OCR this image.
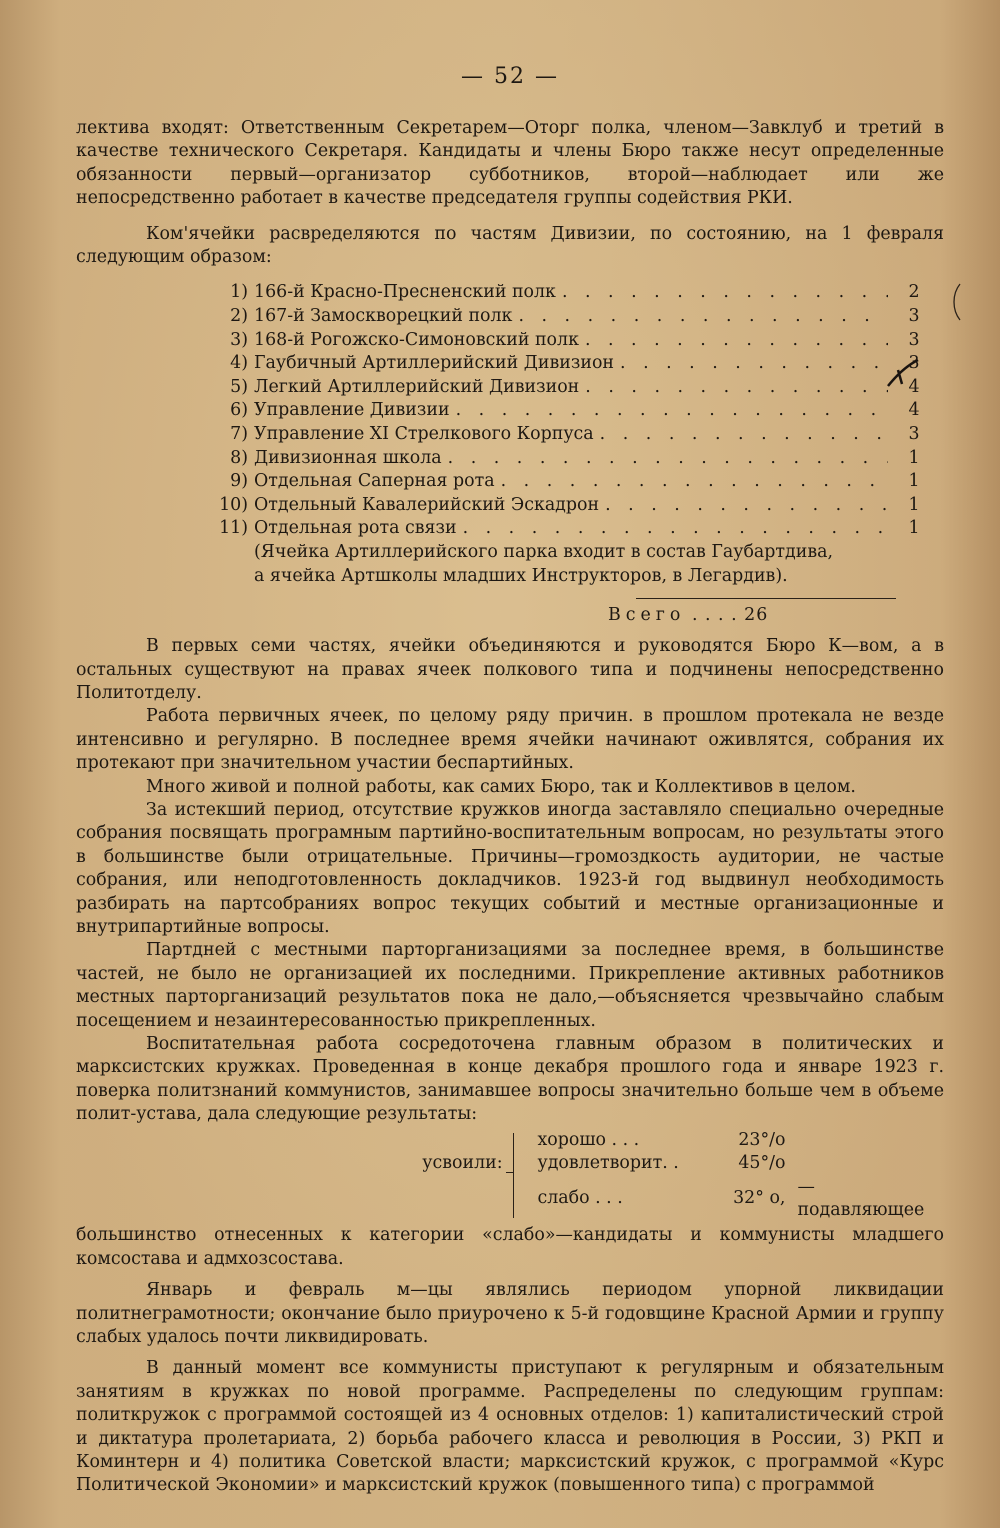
— 52 —

лектива входят: Ответственным Секретарем—Оторг полка, членом—Завклуб и третий в качестве технического Секретаря. Кандидаты и члены Бюро также несут определенные обязанности первый—организатор субботников, второй—наблюдает или же непосредственно работает в качестве председателя группы содействия РКИ.

Ком'ячейки расвределяются по частям Дивизии, по состоянию, на 1 февраля следующим образом:

1) 166-й Красно-Пресненский полк . . .	2
2) 167-й Замоскворецкий полк . . .	3
3) 168-й Рогожско-Симоновский полк . . .	3
4) Гаубичный Артиллерийский Дивизион . . .	3
5) Легкий Артиллерийский Дивизион . . .	4
6) Управление Дивизии . . .	4
7) Управление XI Стрелкового Корпуса . . .	3
8) Дивизионная школа . . .	1
9) Отдельная Саперная рота . . .	1
10) Отдельный Кавалерийский Эскадрон . . .	1
11) Отдельная рота связи . . .	1
(Ячейка Артиллерийского парка входит в состав Гаубартдива,
а ячейка Артшколы младших Инструкторов, в Легардив).
Всего . . . . 26

В первых семи частях, ячейки объединяются и руководятся Бюро К—вом, а в остальных существуют на правах ячеек полкового типа и подчинены непосредственно Политотделу.

Работа первичных ячеек, по целому ряду причин. в прошлом протекала не везде интенсивно и регулярно. В последнее время ячейки начинают оживлятся, собрания их протекают при значительном участии беспартийных.

Много живой и полной работы, как самих Бюро, так и Коллективов в целом.

За истекший период, отсутствие кружков иногда заставляло специально очередные собрания посвящать програмным партийно-воспитательным вопросам, но результаты этого в большинстве были отрицательные. Причины—громоздкость аудитории, не частые собрания, или неподготовленность докладчиков. 1923-й год выдвинул необходимость разбирать на партсобраниях вопрос текущих событий и местные организационные и внутрипартийные вопросы.

Партдней с местными парторганизациями за последнее время, в большинстве частей, не было не организацией их последними. Прикрепление активных работников местных парторганизаций результатов пока не дало,—объясняется чрезвычайно слабым посещением и незаинтересованностью прикрепленных.

Воспитательная работа сосредоточена главным образом в политических и марксистских кружках. Проведенная в конце декабря прошлого года и январе 1923 г. поверка политзнаний коммунистов, занимавшее вопросы значительно больше чем в объеме полит-устава, дала следующие результаты:

усвоили:
хорошо . . .	23°/o	
удовлетворит. .	45°/o	
слабо . . .	32° o,	— подавляющее

большинство отнесенных к категории «слабо»—кандидаты и коммунисты младшего комсостава и адмхозсостава.

Январь и февраль м—цы являлись периодом упорной ликвидации политнеграмотности; окончание было приурочено к 5-й годовщине Красной Армии и группу слабых удалось почти ликвидировать.

В данный момент все коммунисты приступают к регулярным и обязательным занятиям в кружках по новой программе. Распределены по следующим группам: политкружок с программой состоящей из 4 основных отделов: 1) капиталистический строй и диктатура пролетариата, 2) борьба рабочего класса и революция в России, 3) РКП и Коминтерн и 4) политика Советской власти; марксистский кружок, с программой «Курс Политической Экономии» и марксистский кружок (повышенного типа) с программой
